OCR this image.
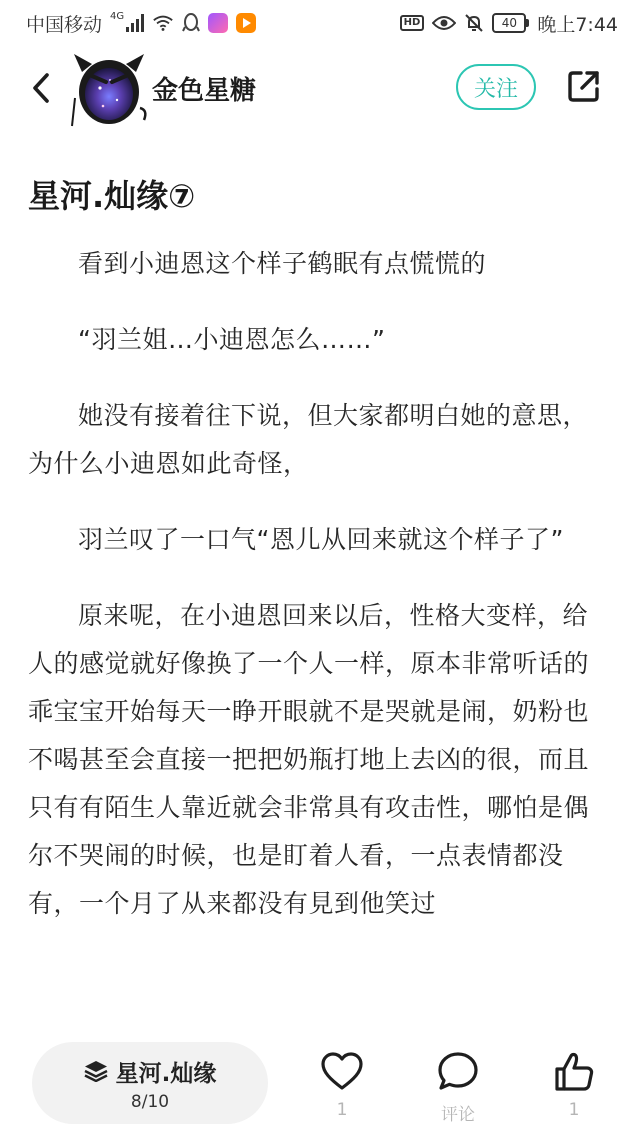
中国移动 4G
HD	40	晚上7:44
金色星糖	关注
星河.灿缘⑦

看到小迪恩这个样子鹤眠有点慌慌的

“羽兰姐…小迪恩怎么……”

她没有接着往下说，但大家都明白她的意思，为什么小迪恩如此奇怪，

羽兰叹了一口气“恩儿从回来就这个样子了”

原来呢，在小迪恩回来以后，性格大变样，给人的感觉就好像换了一个人一样，原本非常听话的乖宝宝开始每天一睁开眼就不是哭就是闹，奶粉也不喝甚至会直接一把把奶瓶打地上去凶的很，而且只有有陌生人靠近就会非常具有攻击性，哪怕是偶尔不哭闹的时候，也是盯着人看，一点表情都没有，一个月了从来都没有見到他笑过

星河.灿缘
8/10	1	评论	1
